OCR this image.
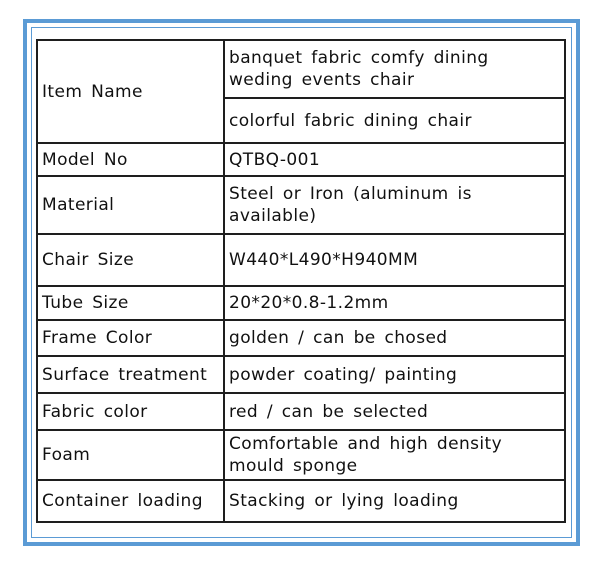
Item Name	banquet fabric comfy dining weding events chair
	colorful fabric dining chair
Model No	QTBQ-001
Material	Steel or Iron (aluminum is available)
Chair Size	W440*L490*H940MM
Tube Size	20*20*0.8-1.2mm
Frame Color	golden / can be chosed
Surface treatment	powder coating/ painting
Fabric color	red / can be selected
Foam	Comfortable and high density mould sponge
Container loading	Stacking or lying loading
